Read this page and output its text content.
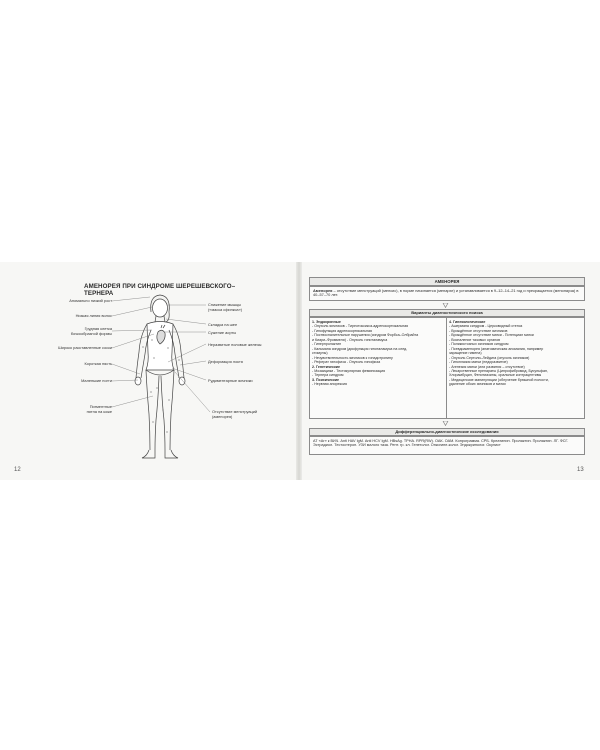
АМЕНОРЕЯ ПРИ СИНДРОМЕ ШЕРЕШЕВСКОГО–ТЕРНЕРА
Аномально низкий рост
Низкая линия волос
Грудная клетка
бочкообразной формы
Широко расставленные соски
Короткая пясть
Маленькие ногти
Пигментные
пятна на коже
Снижение мышцы
(«маска сфинкса»)
Складка на шее
Сужение аорты
Неразвитые половые железы
Деформация локтя
Рудиментарные яичники
Отсутствие менструаций
(аменорея)
12	13
АМЕНОРЕЯ
Аменорея – отсутствие менструаций (менсис), в норме начинается (менархе) и устанавливается в 9–12–14–21 год и прекращается (менопауза) в 40–57–70 лет.
Варианты диагностического поиска
1. Эндокринные
- Опухоль яичников - Тиреотоксикоз-адренокортикальная
- Гипофункция адренокортикальная
- Поствоспалительные нарушения (синдром Форбса–Олбрайта
и Киари–Фроммеля) - Опухоль гипоталамуса
- Гиперпролактин
- Кальмана синдром (дисфункция гипоталамуса на след.
стимулы)
- Нечувствительность яичников к гонадотропину
- Реферат гипофиза - Опухоль гипофиза
2. Генетические
- Мозаицизм - Тестикулярная феминизация
- Тернера синдром
3. Психические
- Нервная анорексия
4. Гинекологические
- Ашермана синдром - Церковидный стеноз
- Врождённое отсутствие яичников
- Врождённое отсутствие матки - Потенциал матки
- Воспаление тазовых органов
- Поликистозных яичников синдром
- Псевдоаменорея (анатомическая аномалия, например
заращение гимена)
- Опухоль Сертоли–Лейдига (опухоль яичников)
- Гипоплазия матки (недоразвитие)
- Агенезия матки (или развития – отсутствие)
- Лекарственные препараты (Ципрофибромид, Бусульфан,
Хлорамбуцил, Фенотиазины, оральные контрацептивы
- Медицинские манипуляции (облучение брюшной полости,
удаление обоих яичников и матки
Дифференциально-диагностические исследования
АТ «Аг» к ВИЧ. Anti HAV IgM. Anti HCV IgM. HBsAg. ТРНА. RPR(RW). ОАК. ОАМ. Копрограмма. СРБ. Креатинин. Пролактин. Пролактин. ЛГ. ФСГ. Эстрадиол. Тестостерон. УЗИ малого таза. Рент. гр. кл. Генетолог. Онкогине-колог. Эндокринолог. Окулист
